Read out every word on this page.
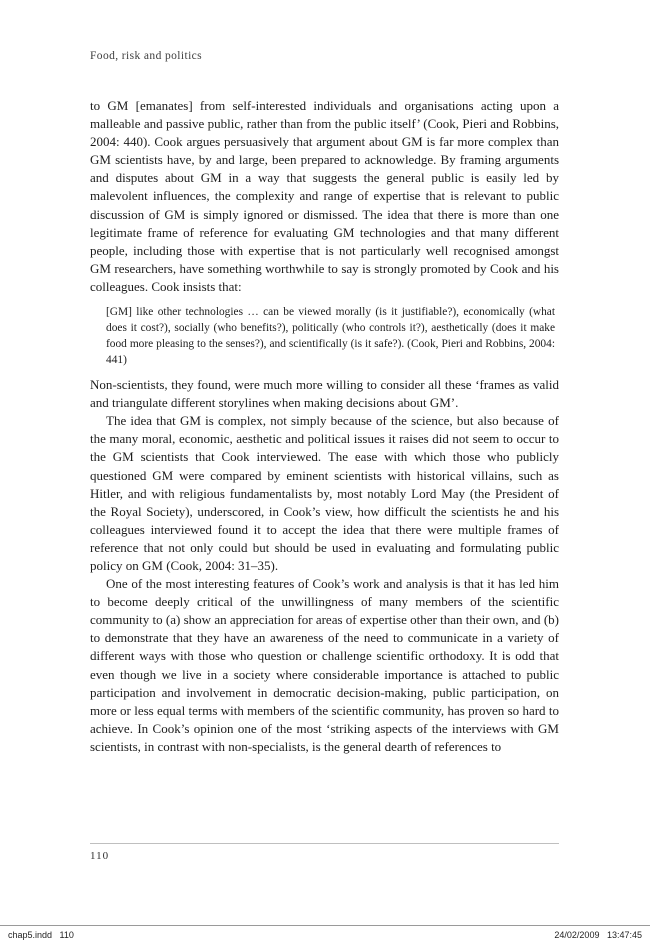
Food, risk and politics

to GM [emanates] from self-interested individuals and organisations acting upon a malleable and passive public, rather than from the public itself’ (Cook, Pieri and Robbins, 2004: 440). Cook argues persuasively that argument about GM is far more complex than GM scientists have, by and large, been prepared to acknowledge. By framing arguments and disputes about GM in a way that suggests the general public is easily led by malevolent influences, the complexity and range of expertise that is relevant to public discussion of GM is simply ignored or dismissed. The idea that there is more than one legitimate frame of reference for evaluating GM technologies and that many different people, including those with expertise that is not particularly well recognised amongst GM researchers, have something worthwhile to say is strongly promoted by Cook and his colleagues. Cook insists that:

[GM] like other technologies … can be viewed morally (is it justifiable?), economically (what does it cost?), socially (who benefits?), politically (who controls it?), aesthetically (does it make food more pleasing to the senses?), and scientifically (is it safe?). (Cook, Pieri and Robbins, 2004: 441)

Non-scientists, they found, were much more willing to consider all these ‘frames as valid and triangulate different storylines when making decisions about GM’.

The idea that GM is complex, not simply because of the science, but also because of the many moral, economic, aesthetic and political issues it raises did not seem to occur to the GM scientists that Cook interviewed. The ease with which those who publicly questioned GM were compared by eminent scientists with historical villains, such as Hitler, and with religious fundamentalists by, most notably Lord May (the President of the Royal Society), underscored, in Cook’s view, how difficult the scientists he and his colleagues interviewed found it to accept the idea that there were multiple frames of reference that not only could but should be used in evaluating and formulating public policy on GM (Cook, 2004: 31–35).

One of the most interesting features of Cook’s work and analysis is that it has led him to become deeply critical of the unwillingness of many members of the scientific community to (a) show an appreciation for areas of expertise other than their own, and (b) to demonstrate that they have an awareness of the need to communicate in a variety of different ways with those who question or challenge scientific orthodoxy. It is odd that even though we live in a society where considerable importance is attached to public participation and involvement in democratic decision-making, public participation, on more or less equal terms with members of the scientific community, has proven so hard to achieve. In Cook’s opinion one of the most ‘striking aspects of the interviews with GM scientists, in contrast with non-specialists, is the general dearth of references to

110
chap5.indd   110	24/02/2009   13:47:45
